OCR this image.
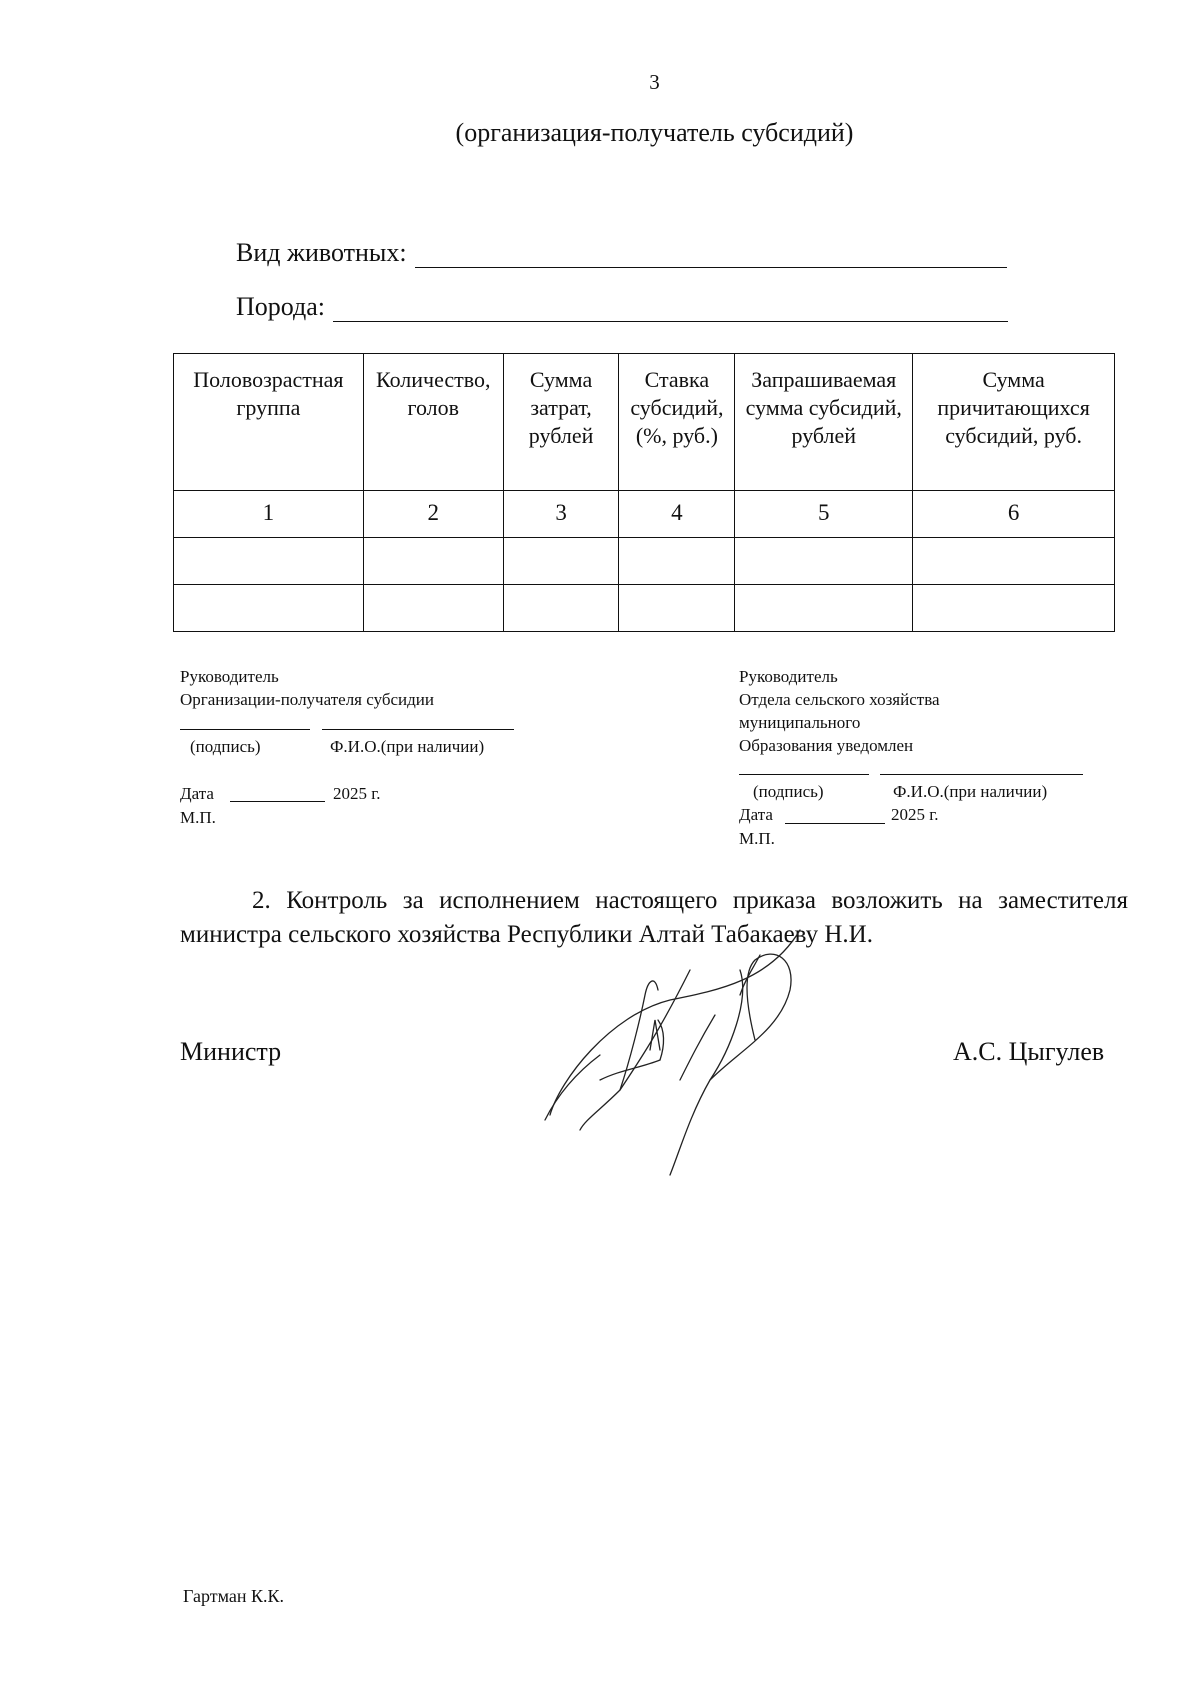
3
(организация-получатель субсидий)
Вид животных:
Порода:
Половозрастная группа	Количество, голов	Сумма затрат, рублей	Ставка субсидий, (%, руб.)	Запрашиваемая сумма субсидий, рублей	Сумма причитающихся субсидий, руб.
1	2	3	4	5	6

Руководитель
Организации-получателя субсидии
(подпись)	Ф.И.О.(при наличии)
Дата	2025 г.
М.П.
Руководитель
Отдела сельского хозяйства
муниципального
Образования уведомлен
(подпись)	Ф.И.О.(при наличии)
Дата	2025 г.
М.П.
2. Контроль за исполнением настоящего приказа возложить на заместителя министра сельского хозяйства Республики Алтай Табакаеву Н.И.
Министр	А.С. Цыгулев
Гартман К.К.
